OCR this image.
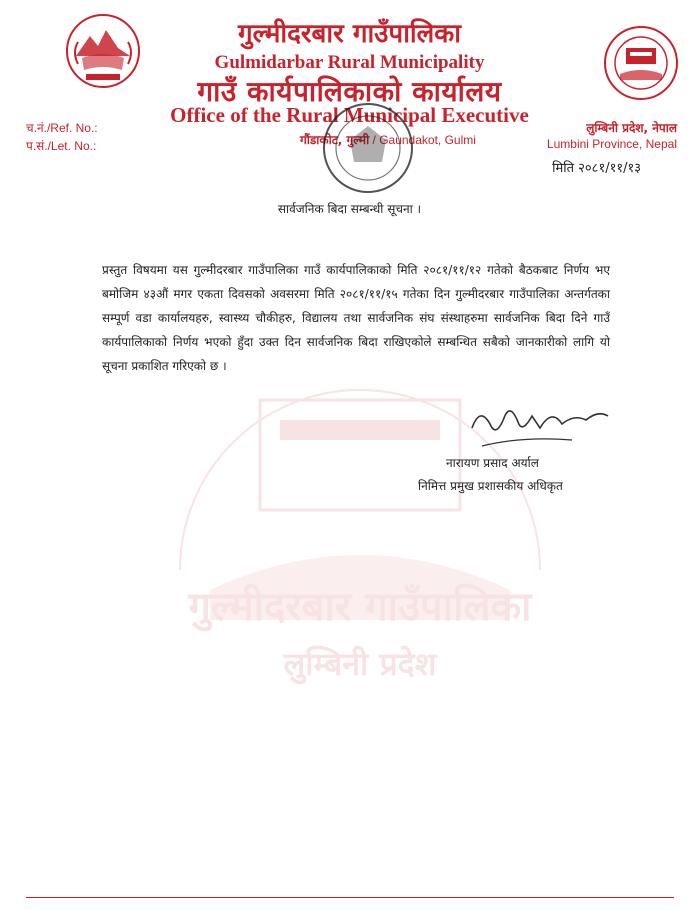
गुल्मीदरबार गाउँपालिका
लुम्बिनी प्रदेश
गुल्मीदरबार गाउँपालिका
Gulmidarbar Rural Municipality
गाउँ कार्यपालिकाको कार्यालय
Office of the Rural Municipal Executive
गौंडाकोट, गुल्मी / Gaundakot, Gulmi
च.नं./Ref. No.:
प.सं./Let. No.:
लुम्बिनी प्रदेश, नेपाल
Lumbini Province, Nepal
मिति २०८१/११/१३
सार्वजनिक बिदा सम्बन्धी सूचना ।
प्रस्तुत विषयमा यस गुल्मीदरबार गाउँपालिका गाउँ कार्यपालिकाको मिति २०८१/११/१२ गतेको बैठकबाट निर्णय भए बमोजिम ४३औं मगर एकता दिवसको अवसरमा मिति २०८१/११/१५ गतेका दिन गुल्मीदरबार गाउँपालिका अन्तर्गतका सम्पूर्ण वडा कार्यालयहरु, स्वास्थ्य चौकीहरु, विद्यालय तथा सार्वजनिक संघ संस्थाहरुमा सार्वजनिक बिदा दिने गाउँ कार्यपालिकाको निर्णय भएको हुँदा उक्त दिन सार्वजनिक बिदा राखिएकोले सम्बन्धित सबैको जानकारीको लागि यो सूचना प्रकाशित गरिएको छ ।
नारायण प्रसाद अर्याल
निमित्त प्रमुख प्रशासकीय अधिकृत
